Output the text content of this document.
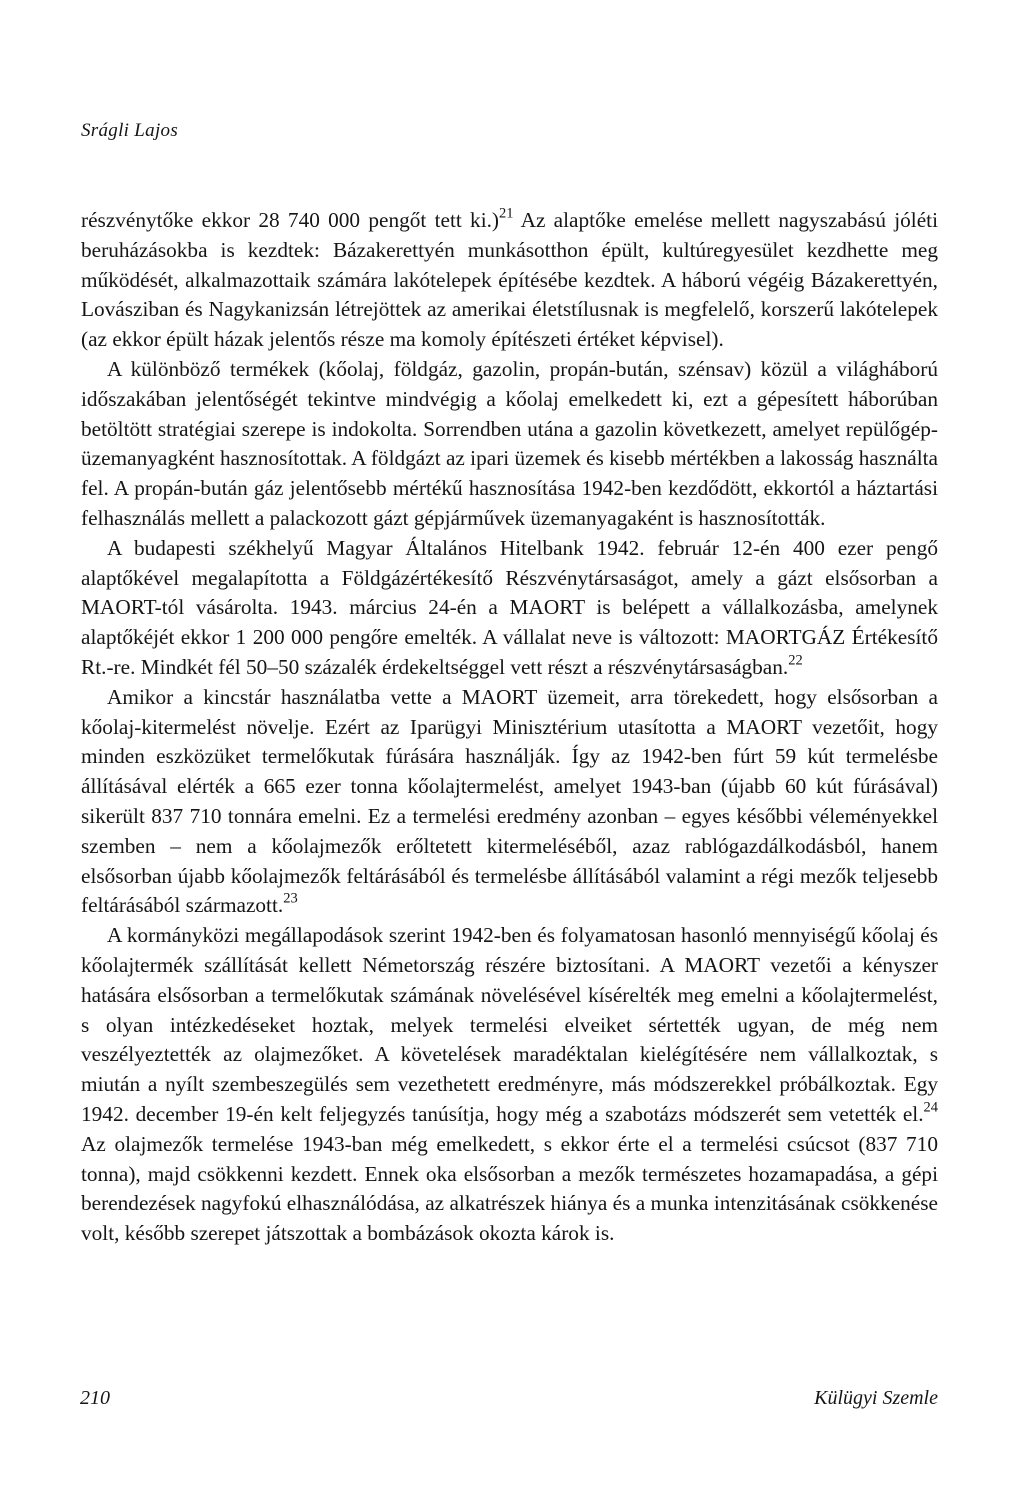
Srágli Lajos

részvénytőke ekkor 28 740 000 pengőt tett ki.)$^{21}$ Az alaptőke emelése mellett nagyszabású jóléti beruházásokba is kezdtek: Bázakerettyén munkásotthon épült, kultúregyesület kezdhette meg működését, alkalmazottaik számára lakótelepek építésébe kezdtek. A háború végéig Bázakerettyén, Lovásziban és Nagykanizsán létrejöttek az amerikai életstílusnak is megfelelő, korszerű lakótelepek (az ekkor épült házak jelentős része ma komoly építészeti értéket képvisel).

A különböző termékek (kőolaj, földgáz, gazolin, propán-bután, szénsav) közül a világháború időszakában jelentőségét tekintve mindvégig a kőolaj emelkedett ki, ezt a gépesített háborúban betöltött stratégiai szerepe is indokolta. Sorrendben utána a gazolin következett, amelyet repülőgép-üzemanyagként hasznosítottak. A földgázt az ipari üzemek és kisebb mértékben a lakosság használta fel. A propán-bután gáz jelentősebb mértékű hasznosítása 1942-ben kezdődött, ekkortól a háztartási felhasználás mellett a palackozott gázt gépjárművek üzemanyagaként is hasznosították.

A budapesti székhelyű Magyar Általános Hitelbank 1942. február 12-én 400 ezer pengő alaptőkével megalapította a Földgázértékesítő Részvénytársaságot, amely a gázt elsősorban a MAORT-tól vásárolta. 1943. március 24-én a MAORT is belépett a vállalkozásba, amelynek alaptőkéjét ekkor 1 200 000 pengőre emelték. A vállalat neve is változott: MAORTGÁZ Értékesítő Rt.-re. Mindkét fél 50–50 százalék érdekeltséggel vett részt a részvénytársaságban.$^{22}$

Amikor a kincstár használatba vette a MAORT üzemeit, arra törekedett, hogy elsősorban a kőolaj-kitermelést növelje. Ezért az Iparügyi Minisztérium utasította a MAORT vezetőit, hogy minden eszközüket termelőkutak fúrására használják. Így az 1942-ben fúrt 59 kút termelésbe állításával elérték a 665 ezer tonna kőolajtermelést, amelyet 1943-ban (újabb 60 kút fúrásával) sikerült 837 710 tonnára emelni. Ez a termelési eredmény azonban – egyes későbbi véleményekkel szemben – nem a kőolajmezők erőltetett kitermeléséből, azaz rablógazdálkodásból, hanem elsősorban újabb kőolajmezők feltárásából és termelésbe állításából valamint a régi mezők teljesebb feltárásából származott.$^{23}$

A kormányközi megállapodások szerint 1942-ben és folyamatosan hasonló mennyiségű kőolaj és kőolajtermék szállítását kellett Németország részére biztosítani. A MAORT vezetői a kényszer hatására elsősorban a termelőkutak számának növelésével kísérelték meg emelni a kőolajtermelést, s olyan intézkedéseket hoztak, melyek termelési elveiket sértették ugyan, de még nem veszélyeztették az olajmezőket. A követelések maradéktalan kielégítésére nem vállalkoztak, s miután a nyílt szembeszegülés sem vezethetett eredményre, más módszerekkel próbálkoztak. Egy 1942. december 19-én kelt feljegyzés tanúsítja, hogy még a szabotázs módszerét sem vetették el.$^{24}$ Az olajmezők termelése 1943-ban még emelkedett, s ekkor érte el a termelési csúcsot (837 710 tonna), majd csökkenni kezdett. Ennek oka elsősorban a mezők természetes hozamapadása, a gépi berendezések nagyfokú elhasználódása, az alkatrészek hiánya és a munka intenzitásának csökkenése volt, később szerepet játszottak a bombázások okozta károk is.

210	Külügyi Szemle
